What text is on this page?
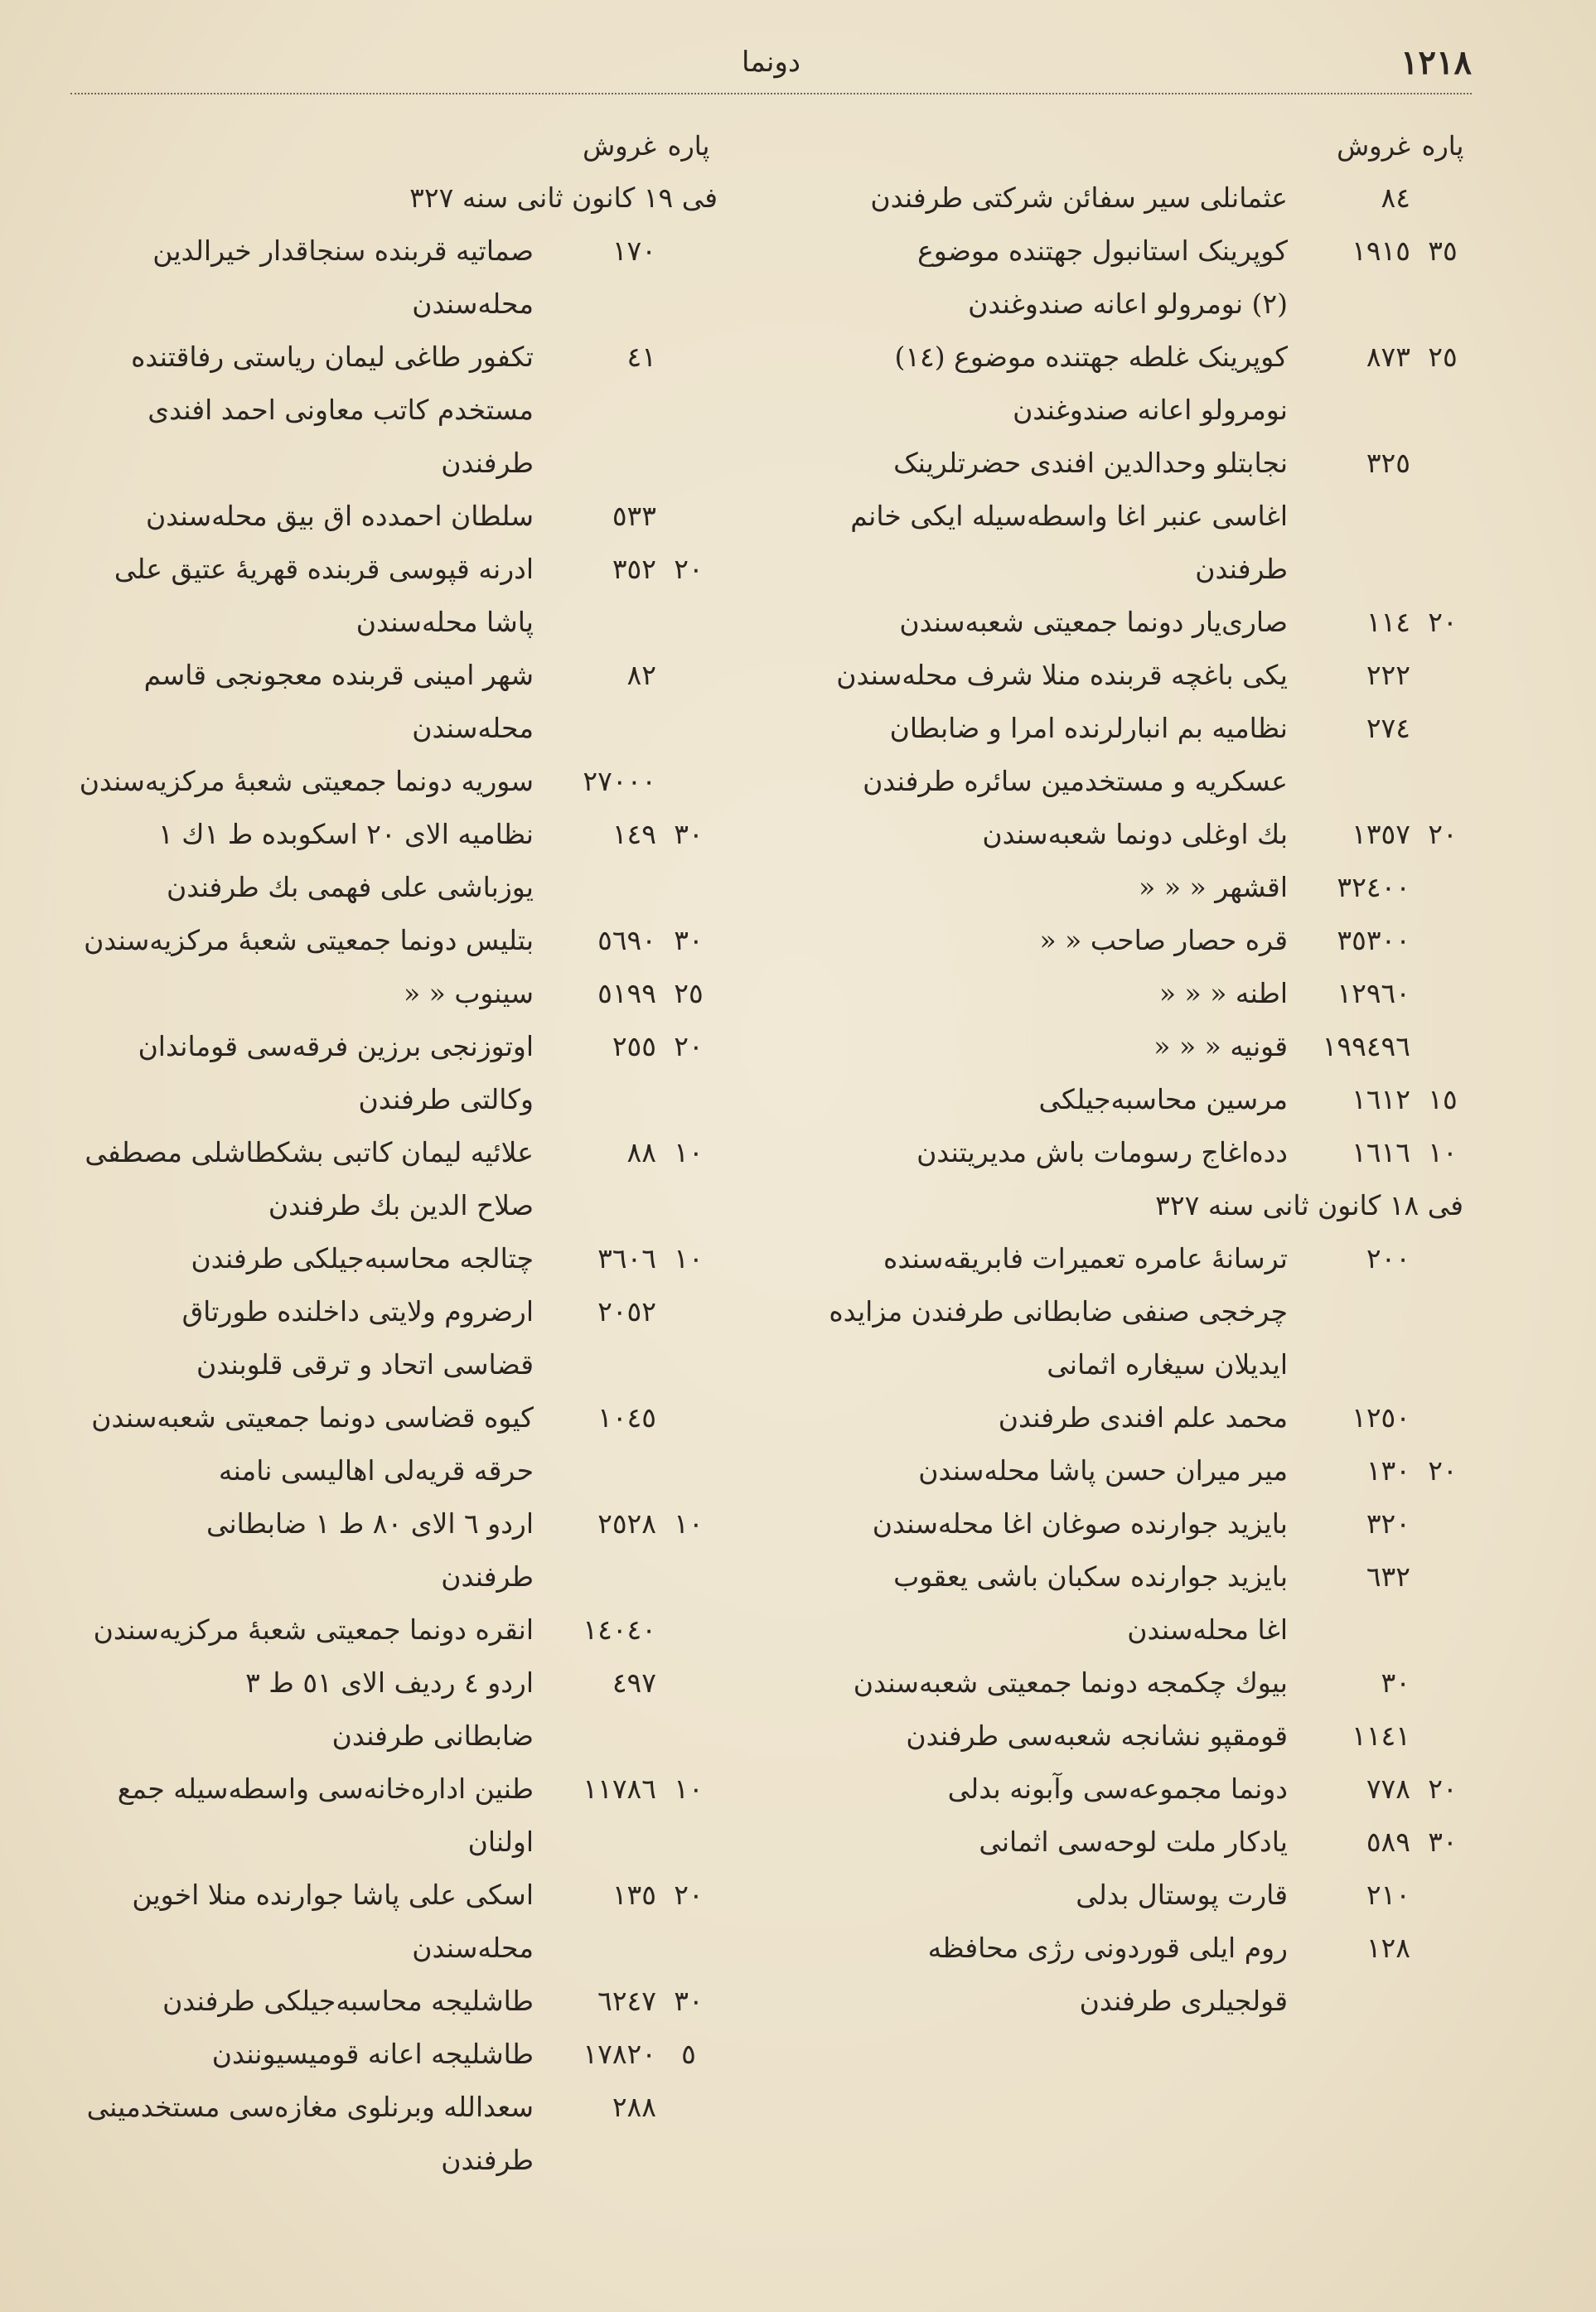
١٢١٨
دونما
پاره
غروش
٨٤
عثمانلی سیر سفائن شرکتی طرفندن
٣٥
١٩١٥
کوپرینک استانبول جهتنده موضوع
(٢) نومرولو اعانه صندوغندن
٢٥
٨٧٣
کوپرینک غلطه جهتنده موضوع (١٤)
نومرولو اعانه صندوغندن
٣٢٥
نجابتلو وحدالدین افندی حضرتلرینک
اغاسی عنبر اغا واسطه‌سیله ایکی خانم
طرفندن
٢٠
١١٤
صاری‌یار دونما جمعیتی شعبه‌سندن
٢٢٢
یکی باغچه قربنده منلا شرف محله‌سندن
٢٧٤
نظامیه بم انبارلرنده امرا و ضابطان
عسکریه و مستخدمین سائره طرفندن
٢٠
١٣٥٧
بك اوغلی دونما شعبه‌سندن
٣٢٤٠٠
اقشهر « « «
٣٥٣٠٠
قره حصار صاحب « «
١٢٩٦٠
اطنه « « «
١٩٩٤٩٦
قونیه « « «
١٥
١٦١٢
مرسین محاسبه‌جیلکی
١٠
١٦١٦
دده‌اغاج رسومات باش مدیریتندن
فی ١٨ کانون ثانی سنه ٣٢٧
٢٠٠
ترسانهٔ عامره تعمیرات فابریقه‌سنده
چرخجی صنفی ضابطانی طرفندن مزایده
ایدیلان سیغاره اثمانی
١٢٥٠
محمد علم افندی طرفندن
٢٠
١٣٠
میر میران حسن پاشا محله‌سندن
٣٢٠
بایزید جوارنده صوغان اغا محله‌سندن
٦٣٢
بایزید جوارنده سکبان باشی یعقوب
اغا محله‌سندن
٣٠
بیوك چکمجه دونما جمعیتی شعبه‌سندن
١١٤١
قومقپو نشانجه شعبه‌سی طرفندن
٢٠
٧٧٨
دونما مجموعه‌سی وآبونه بدلی
٣٠
٥٨٩
یادکار ملت لوحه‌سی اثمانی
٢١٠
قارت پوستال بدلی
١٢٨
روم ایلی قوردونی رژی محافظه
قولجیلری طرفندن
پاره
غروش
فی ١٩ کانون ثانی سنه ٣٢٧
١٧٠
صماتیه قربنده سنجاقدار خیرالدین
محله‌سندن
٤١
تکفور طاغی لیمان ریاستی رفاقتنده
مستخدم کاتب معاونی احمد افندی
طرفندن
٥٣٣
سلطان احمدده اق بیق محله‌سندن
٢٠
٣٥٢
ادرنه قپوسی قربنده قهریهٔ عتیق علی
پاشا محله‌سندن
٨٢
شهر امینی قربنده معجونجی قاسم
محله‌سندن
٢٧٠٠٠
سوریه دونما جمعیتی شعبهٔ مرکزیه‌سندن
٣٠
١٤٩
نظامیه الای ٢٠ اسکوبده ط ١ك ١
یوزباشی علی فهمی بك طرفندن
٣٠
٥٦٩٠
بتلیس دونما جمعیتی شعبهٔ مرکزیه‌سندن
٢٥
٥١٩٩
سینوب « «
٢٠
٢٥٥
اوتوزنجی برزین فرقه‌سی قوماندان
وکالتی طرفندن
١٠
٨٨
علائیه لیمان کاتبی بشکطاشلی مصطفی
صلاح الدین بك طرفندن
١٠
٣٦٠٦
چتالجه محاسبه‌جیلکی طرفندن
٢٠٥٢
ارضروم ولایتی داخلنده طورتاق
قضاسی اتحاد و ترقی قلوبندن
١٠٤٥
کیوه قضاسی دونما جمعیتی شعبه‌سندن
حرقه قریه‌لی اهالیسی نامنه
١٠
٢٥٢٨
اردو ٦ الای ٨٠ ط ١ ضابطانی
طرفندن
١٤٠٤٠
انقره دونما جمعیتی شعبهٔ مرکزیه‌سندن
٤٩٧
اردو ٤ ردیف الای ٥١ ط ٣
ضابطانی طرفندن
١٠
١١٧٨٦
طنین اداره‌خانه‌سی واسطه‌سیله جمع اولنان
٢٠
١٣٥
اسکی علی پاشا جوارنده منلا اخوین
محله‌سندن
٣٠
٦٢٤٧
طاشلیجه محاسبه‌جیلکی طرفندن
٥
١٧٨٢٠
طاشلیجه اعانه قومیسیونندن
٢٨٨
سعدالله‌ وبرنلوی مغازه‌سی مستخدمینی
طرفندن
